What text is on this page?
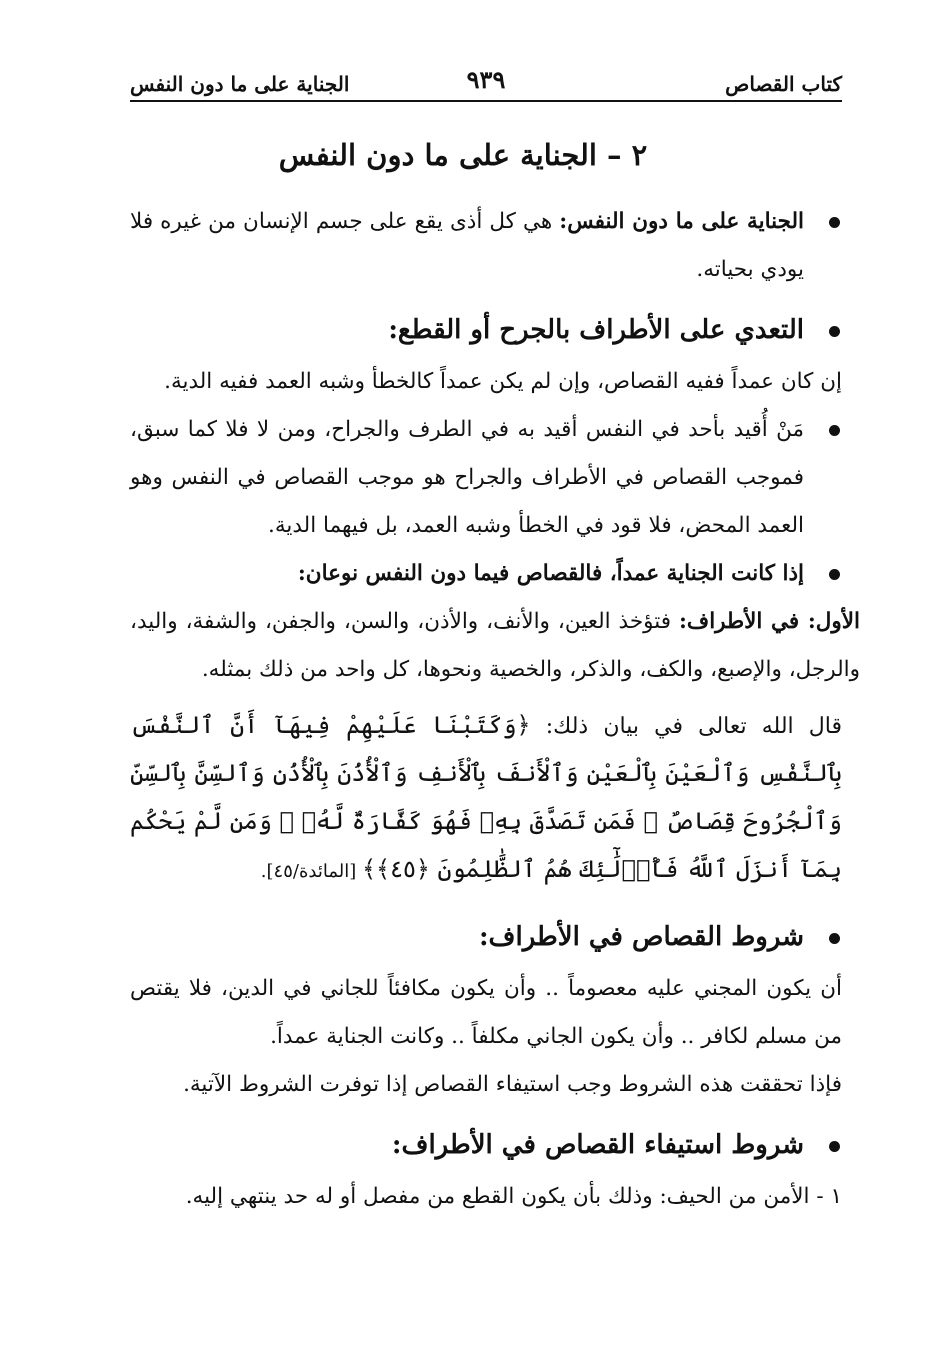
كتاب القصاص
٩٣٩
الجناية على ما دون النفس
٢ – الجناية على ما دون النفس
الجناية على ما دون النفس: هي كل أذى يقع على جسم الإنسان من غيره فلا يودي بحياته.
التعدي على الأطراف بالجرح أو القطع:
إن كان عمداً ففيه القصاص، وإن لم يكن عمداً كالخطأ وشبه العمد ففيه الدية.
مَنْ أُقيد بأحد في النفس أقيد به في الطرف والجراح، ومن لا فلا كما سبق، فموجب القصاص في الأطراف والجراح هو موجب القصاص في النفس وهو العمد المحض، فلا قود في الخطأ وشبه العمد، بل فيهما الدية.
إذا كانت الجناية عمداً، فالقصاص فيما دون النفس نوعان:
الأول: في الأطراف: فتؤخذ العين، والأنف، والأذن، والسن، والجفن، والشفة، واليد، والرجل، والإصبع، والكف، والذكر، والخصية ونحوها، كل واحد من ذلك بمثله.
قال الله تعالى في بيان ذلك: ﴿وَكَتَبْنَا عَلَيْهِمْ فِيهَآ أَنَّ ٱلنَّفْسَ بِٱلنَّفْسِ وَٱلْعَيْنَ بِٱلْعَيْنِ وَٱلْأَنفَ بِٱلْأَنفِ وَٱلْأُذُنَ بِٱلْأُذُنِ وَٱلسِّنَّ بِٱلسِّنِّ وَٱلْجُرُوحَ قِصَاصٌ ۚ فَمَن تَصَدَّقَ بِهِۦ فَهُوَ كَفَّارَةٌ لَّهُۥ ۚ وَمَن لَّمْ يَحْكُم بِمَآ أَنزَلَ ٱللَّهُ فَأُو۟لَٰٓئِكَ هُمُ ٱلظَّٰلِمُونَ ﴿٤٥﴾﴾ [المائدة/٤٥].
شروط القصاص في الأطراف:
أن يكون المجني عليه معصوماً .. وأن يكون مكافئاً للجاني في الدين، فلا يقتص من مسلم لكافر .. وأن يكون الجاني مكلفاً .. وكانت الجناية عمداً.
فإذا تحققت هذه الشروط وجب استيفاء القصاص إذا توفرت الشروط الآتية.
شروط استيفاء القصاص في الأطراف:
١ - الأمن من الحيف: وذلك بأن يكون القطع من مفصل أو له حد ينتهي إليه.
